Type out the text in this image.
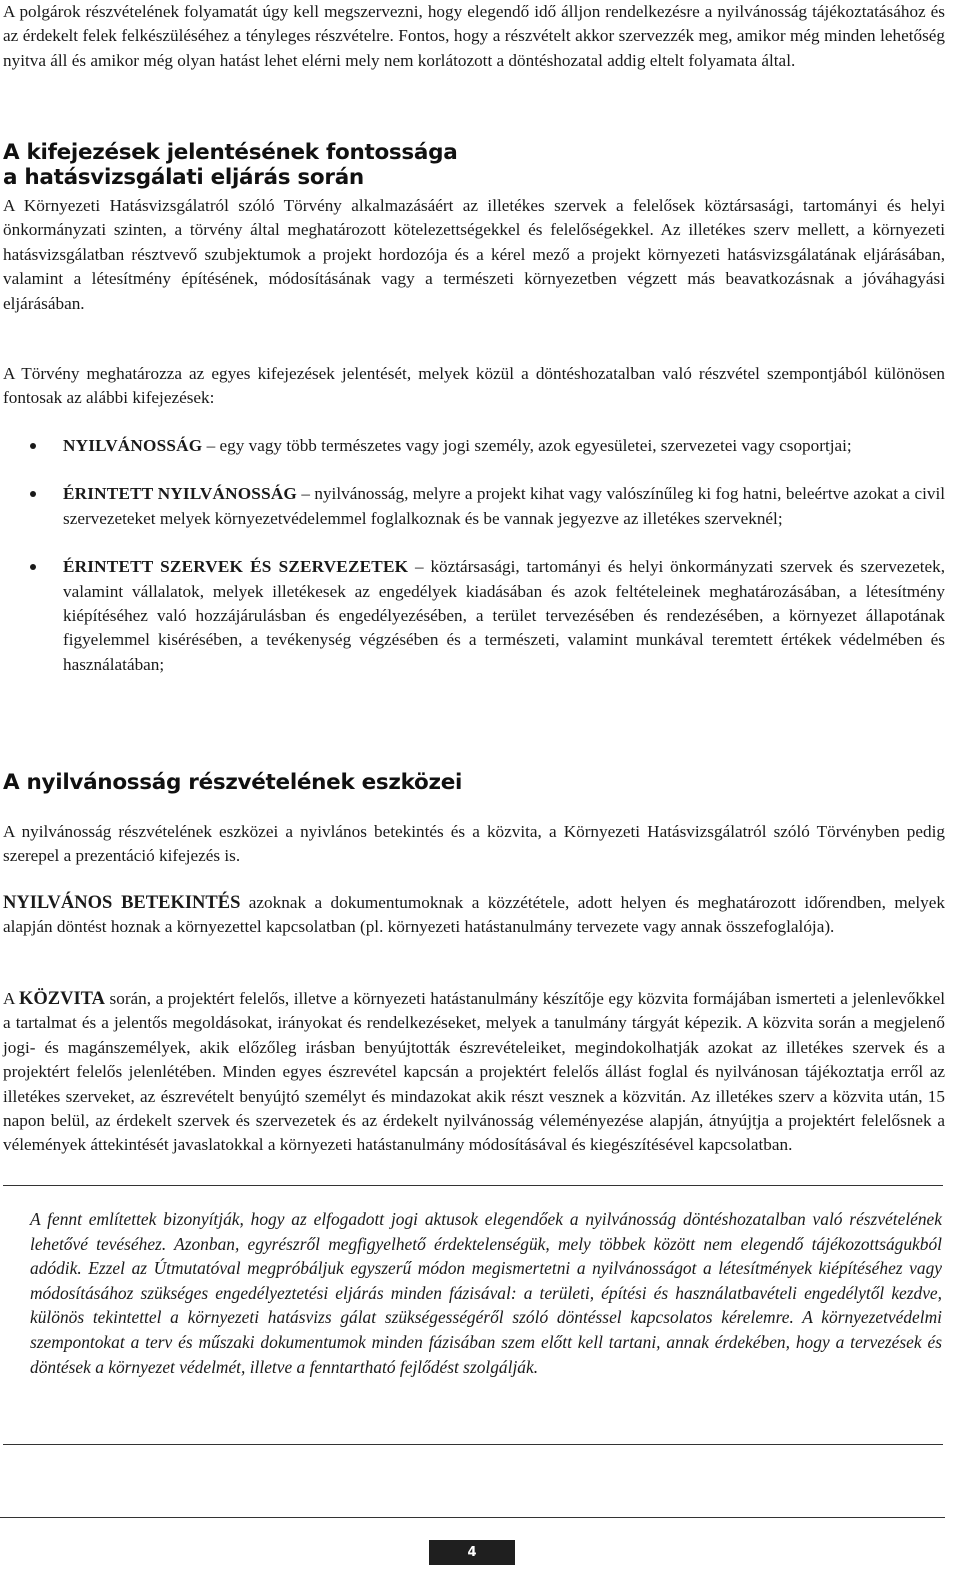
A polgárok részvételének folyamatát úgy kell megszervezni, hogy elegendő idő álljon rendelkezésre a nyilvánosság tájékoztatásához és az érdekelt felek felkészüléséhez a tényleges részvételre. Fontos, hogy a részvételt akkor szervezzék meg, amikor még minden lehetőség nyitva áll és amikor még olyan hatást lehet elérni mely nem korlátozott a döntéshozatal addig eltelt folyamata által.

A kifejezések jelentésének fontossága
a hatásvizsgálati eljárás során

A Környezeti Hatásvizsgálatról szóló Törvény alkalmazásáért az illetékes szervek a felelősek köztársasági, tartományi és helyi önkormányzati szinten, a törvény által meghatározott kötelezettségekkel és felelőségekkel. Az illetékes szerv mellett, a környezeti hatásvizsgálatban résztvevő szubjektumok a projekt hordozója és a kérel mező a projekt környezeti hatásvizsgálatának eljárásában, valamint a létesítmény építésének, módosításának vagy a természeti környezetben végzett más beavatkozásnak a jóváhagyási eljárásában.

A Törvény meghatározza az egyes kifejezések jelentését, melyek közül a döntéshozatalban való részvétel szempontjából különösen fontosak az alábbi kifejezések:

NYILVÁNOSSÁG – egy vagy több természetes vagy jogi személy, azok egyesületei, szervezetei vagy csoportjai;

ÉRINTETT NYILVÁNOSSÁG – nyilvánosság, melyre a projekt kihat vagy valószínűleg ki fog hatni, beleértve azokat a civil szervezeteket melyek környezetvédelemmel foglalkoznak és be vannak jegyezve az illetékes szerveknél;

ÉRINTETT SZERVEK ÉS SZERVEZETEK – köztársasági, tartományi és helyi önkormányzati szervek és szervezetek, valamint vállalatok, melyek illetékesek az engedélyek kiadásában és azok feltételeinek meghatározásában, a létesítmény kiépítéséhez való hozzájárulásban és engedélyezésében, a terület tervezésében és rendezésében, a környezet állapotának figyelemmel kisérésében, a tevékenység végzésében és a természeti, valamint munkával teremtett értékek védelmében és használatában;

A nyilvánosság részvételének eszközei

A nyilvánosság részvételének eszközei a nyivlános betekintés és a közvita, a Környezeti Hatásvizsgálatról szóló Törvényben pedig szerepel a prezentáció kifejezés is.

NYILVÁNOS BETEKINTÉS azoknak a dokumentumoknak a közzététele, adott helyen és meghatározott időrendben, melyek alapján döntést hoznak a környezettel kapcsolatban (pl. környezeti hatástanulmány tervezete vagy annak összefoglalója).

A KÖZVITA során, a projektért felelős, illetve a környezeti hatástanulmány készítője egy közvita formájában ismerteti a jelenlevőkkel a tartalmat és a jelentős megoldásokat, irányokat és rendelkezéseket, melyek a tanulmány tárgyát képezik. A közvita során a megjelenő jogi- és magánszemélyek, akik előzőleg irásban benyújtották észrevételeiket, megindokolhatják azokat az illetékes szervek és a projektért felelős jelenlétében. Minden egyes észrevétel kapcsán a projektért felelős állást foglal és nyilvánosan tájékoztatja erről az illetékes szerveket, az észrevételt benyújtó személyt és mindazokat akik részt vesznek a közvitán. Az illetékes szerv a közvita után, 15 napon belül, az érdekelt szervek és szervezetek és az érdekelt nyilvánosság véleményezése alapján, átnyújtja a projektért felelősnek a vélemények áttekintését javaslatokkal a környezeti hatástanulmány módosításával és kiegészítésével kapcsolatban.

A fennt említettek bizonyítják, hogy az elfogadott jogi aktusok elegendőek a nyilvánosság döntéshozatalban való részvételének lehetővé tevéséhez. Azonban, egyrészről megfigyelhető érdektelenségük, mely többek között nem elegendő tájékozottságukból adódik. Ezzel az Útmutatóval megpróbáljuk egyszerű módon megismertetni a nyilvánosságot a létesítmények kiépítéséhez vagy módosításához szükséges engedélyeztetési eljárás minden fázisával: a területi, építési és használatbavételi engedélytől kezdve, különös tekintettel a környezeti hatásvizs gálat szükségességéről szóló döntéssel kapcsolatos kérelemre. A környezetvédelmi szempontokat a terv és műszaki dokumentumok minden fázisában szem előtt kell tartani, annak érdekében, hogy a tervezések és döntések a környezet védelmét, illetve a fenntartható fejlődést szolgálják.

4
